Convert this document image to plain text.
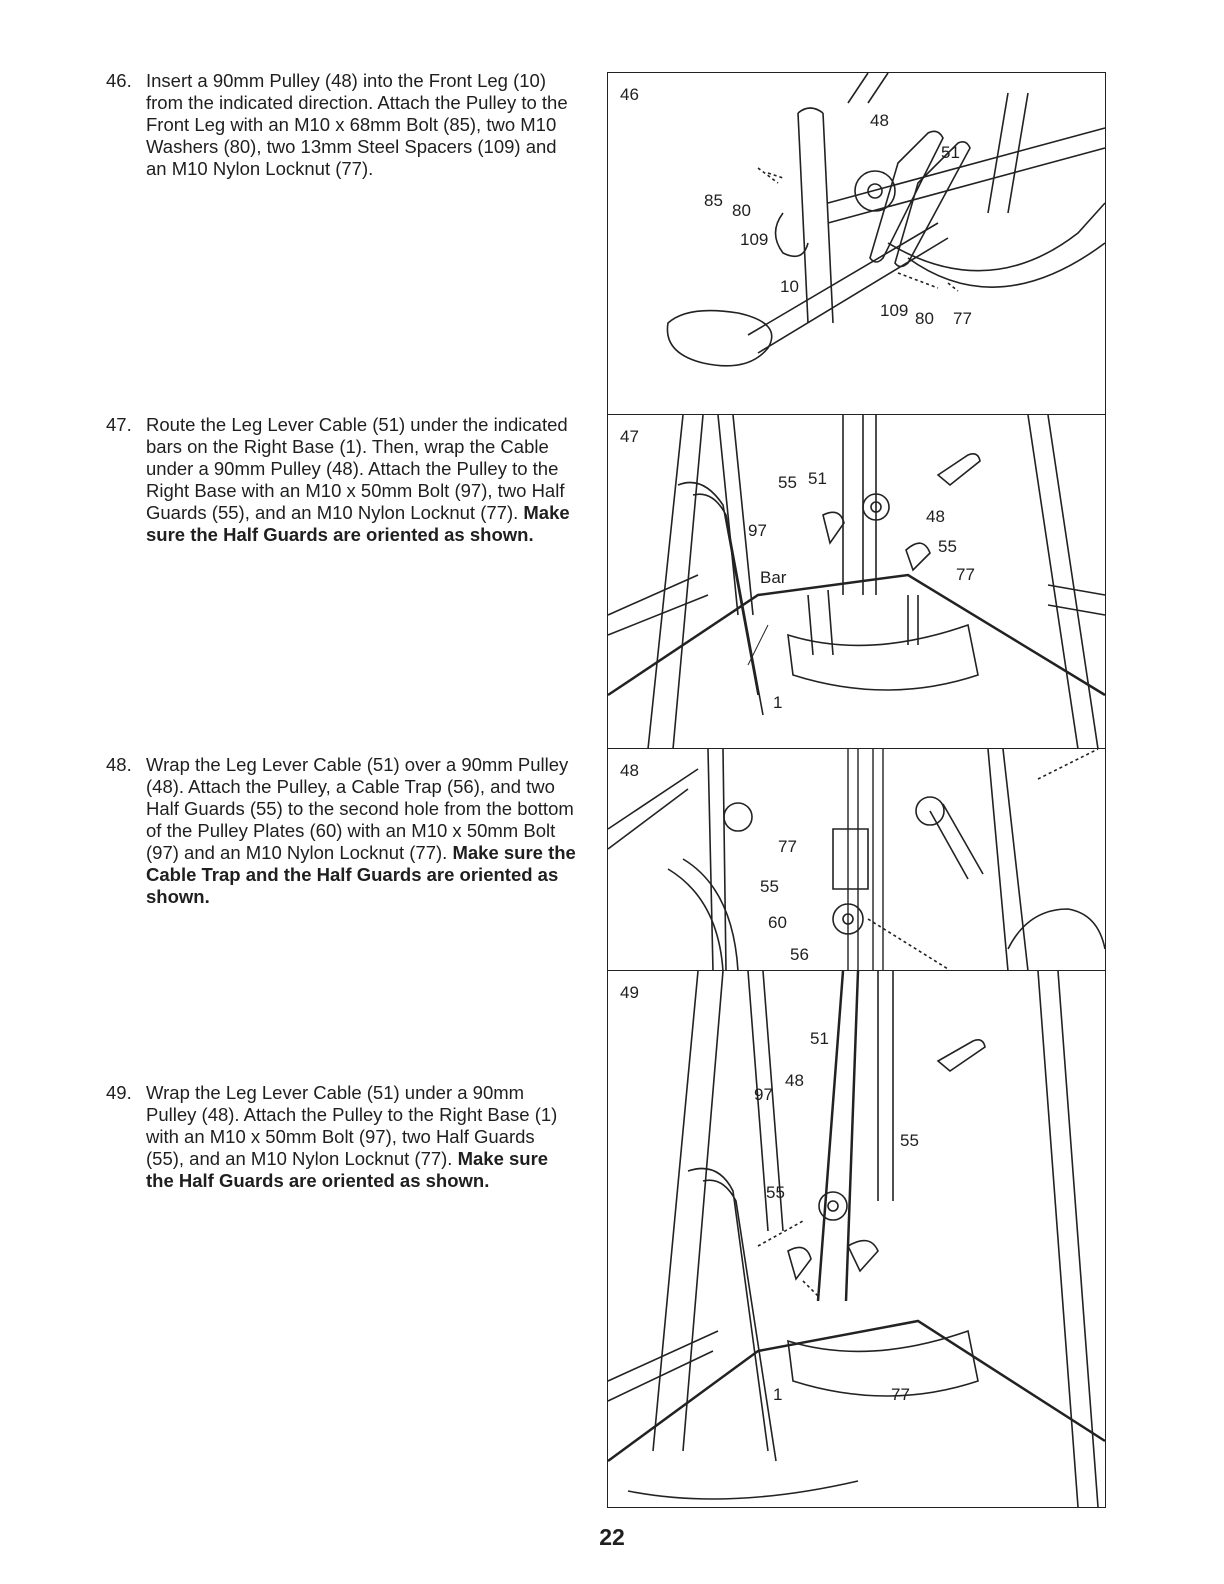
46. Insert a 90mm Pulley (48) into the Front Leg (10) from the indicated direction. Attach the Pulley to the Front Leg with an M10 x 68mm Bolt (85), two M10 Washers (80), two 13mm Steel Spacers (109) and an M10 Nylon Locknut (77).
47. Route the Leg Lever Cable (51) under the indicated bars on the Right Base (1). Then, wrap the Cable under a 90mm Pulley (48). Attach the Pulley to the Right Base with an M10 x 50mm Bolt (97), two Half Guards (55), and an M10 Nylon Locknut (77). Make sure the Half Guards are oriented as shown.
48. Wrap the Leg Lever Cable (51) over a 90mm Pulley (48). Attach the Pulley, a Cable Trap (56), and two Half Guards (55) to the second hole from the bottom of the Pulley Plates (60) with an M10 x 50mm Bolt (97) and an M10 Nylon Locknut (77). Make sure the Cable Trap and the Half Guards are oriented as shown.
49. Wrap the Leg Lever Cable (51) under a 90mm Pulley (48). Attach the Pulley to the Right Base (1) with an M10 x 50mm Bolt (97), two Half Guards (55), and an M10 Nylon Locknut (77). Make sure the Half Guards are oriented as shown.
46
48
51
85
80
109
10
109 80 77
47
55 51
48
97
55
Bar	77
1
48
77
55
60
56
49
51
48
97
55
55
1	77
22
